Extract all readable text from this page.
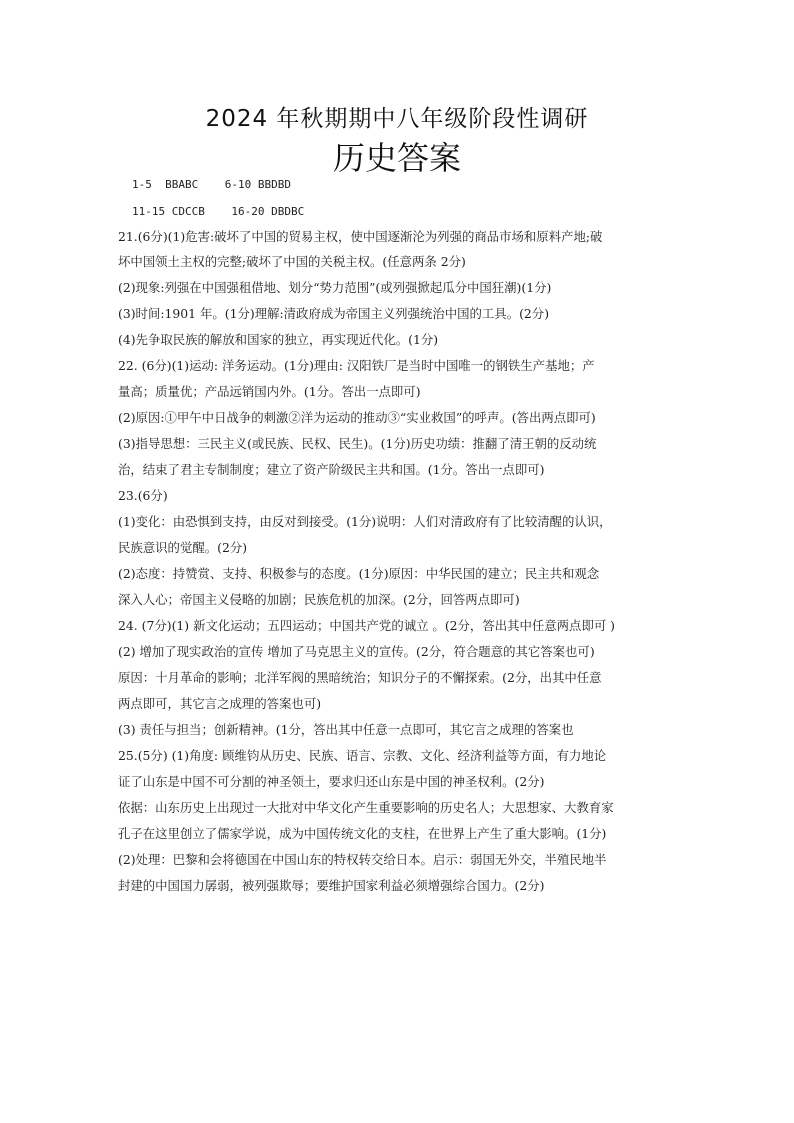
2024 年秋期期中八年级阶段性调研
历史答案
1-5  BBABC    6-10 BBDBD
11-15 CDCCB    16-20 DBDBC
21.(6分)(1)危害:破坏了中国的贸易主权，使中国逐渐沦为列强的商品市场和原料产地;破
坏中国领土主权的完整;破坏了中国的关税主权。(任意两条 2分)
(2)现象:列强在中国强租借地、划分“势力范围”(或列强掀起瓜分中国狂潮)(1分)
(3)时间:1901 年。(1分)理解:清政府成为帝国主义列强统治中国的工具。(2分)
(4)先争取民族的解放和国家的独立，再实现近代化。(1分)
22. (6分)(1)运动: 洋务运动。(1分)理由: 汉阳铁厂是当时中国唯一的钢铁生产基地；产
量高；质量优；产品远销国内外。(1分。答出一点即可)
(2)原因:①甲午中日战争的刺激②洋为运动的推动③“实业救国”的呼声。(答出两点即可)
(3)指导思想：三民主义(或民族、民权、民生)。(1分)历史功绩：推翻了清王朝的反动统
治，结束了君主专制制度；建立了资产阶级民主共和国。(1分。答出一点即可)
23.(6分)
(1)变化：由恐惧到支持，由反对到接受。(1分)说明：人们对清政府有了比较清醒的认识，
民族意识的觉醒。(2分)
(2)态度：持赞赏、支持、积极参与的态度。(1分)原因：中华民国的建立；民主共和观念
深入人心；帝国主义侵略的加剧；民族危机的加深。(2分，回答两点即可)
24. (7分)(1) 新文化运动；五四运动；中国共产党的诚立 。(2分，答出其中任意两点即可 )
(2) 增加了现实政治的宣传 增加了马克思主义的宣传。(2分，符合题意的其它答案也可)
原因：十月革命的影响；北洋军阀的黑暗统治；知识分子的不懈探索。(2分，出其中任意
两点即可，其它言之成理的答案也可)
(3) 责任与担当；创新精神。(1分，答出其中任意一点即可，其它言之成理的答案也
25.(5分) (1)角度: 顾维钧从历史、民族、语言、宗教、文化、经济利益等方面，有力地论
证了山东是中国不可分割的神圣领土，要求归还山东是中国的神圣权利。(2分)
依据：山东历史上出现过一大批对中华文化产生重要影响的历史名人；大思想家、大教育家
孔子在这里创立了儒家学说，成为中国传统文化的支柱，在世界上产生了重大影响。(1分)
(2)处理：巴黎和会将德国在中国山东的特权转交给日本。启示：弱国无外交，半殖民地半
封建的中国国力孱弱，被列强欺辱；要维护国家利益必须增强综合国力。(2分)
